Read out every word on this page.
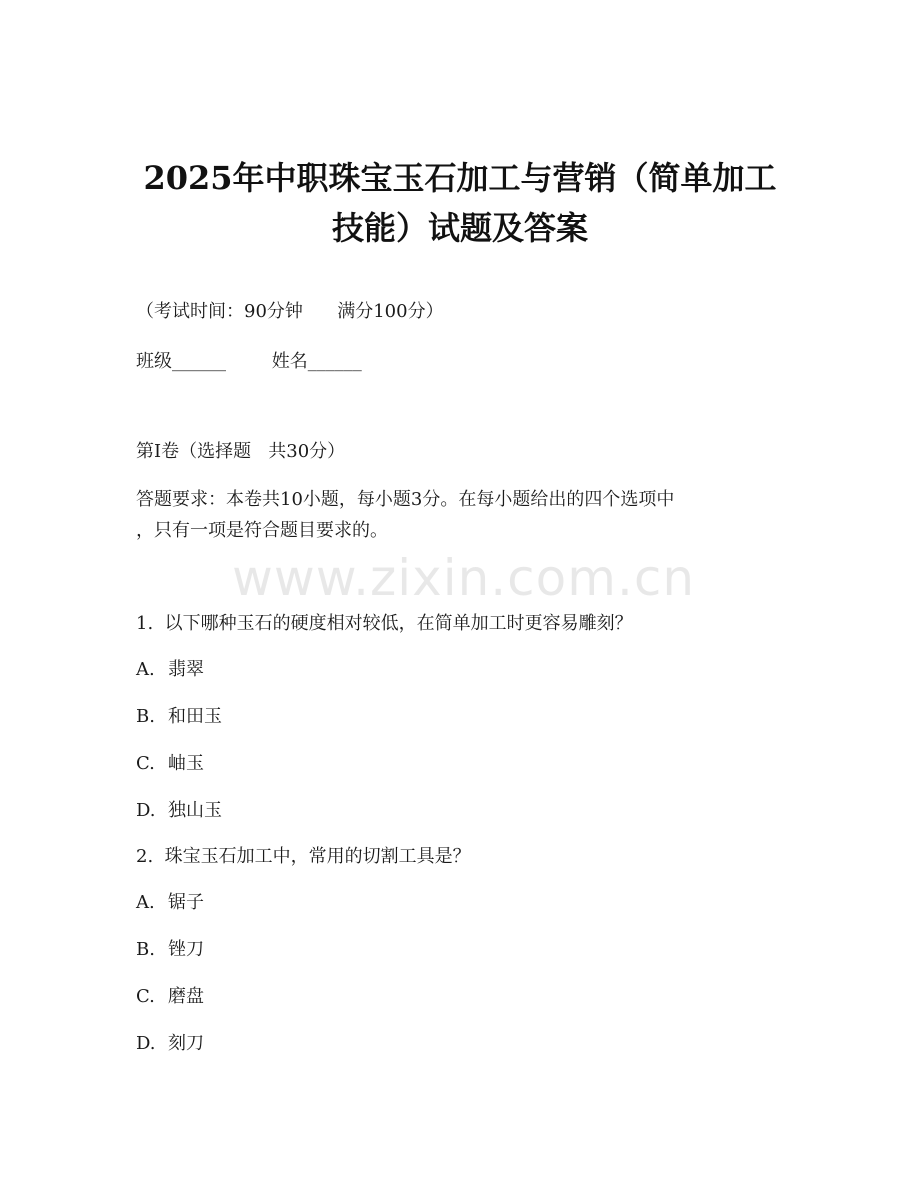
2025年中职珠宝玉石加工与营销（简单加工
技能）试题及答案
（考试时间：90分钟      满分100分）
班级______        姓名______
第I卷（选择题   共30分）
答题要求：本卷共10小题，每小题3分。在每小题给出的四个选项中
，只有一项是符合题目要求的。
www.zixin.com.cn
1.  以下哪种玉石的硬度相对较低，在简单加工时更容易雕刻？
A. 翡翠
B. 和田玉
C. 岫玉
D. 独山玉
2.  珠宝玉石加工中，常用的切割工具是？
A. 锯子
B. 锉刀
C. 磨盘
D. 刻刀
